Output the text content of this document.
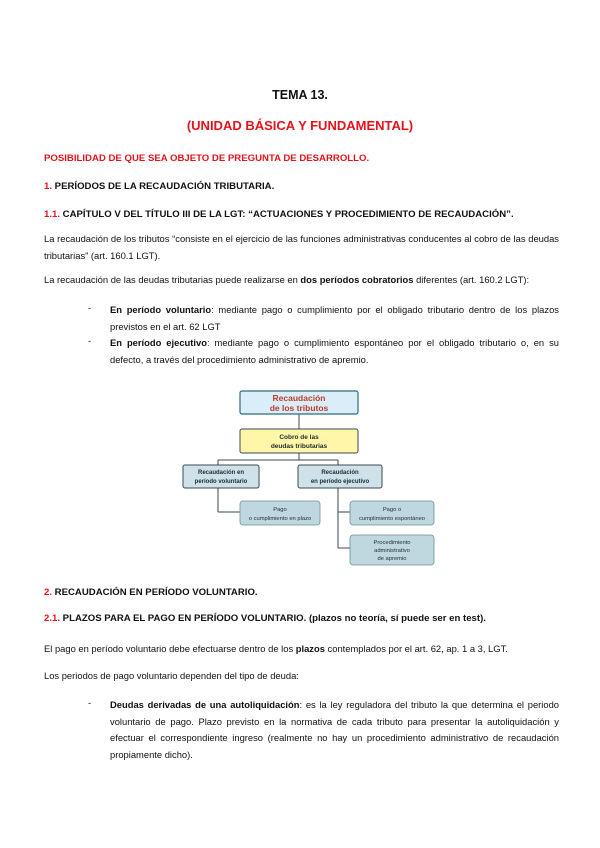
TEMA 13.
(UNIDAD BÁSICA Y FUNDAMENTAL)
POSIBILIDAD DE QUE SEA OBJETO DE PREGUNTA DE DESARROLLO.
1. PERÍODOS DE LA RECAUDACIÓN TRIBUTARIA.
1.1. CAPÍTULO V DEL TÍTULO III DE LA LGT: “ACTUACIONES Y PROCEDIMIENTO DE RECAUDACIÓN”.
La recaudación de los tributos “consiste en el ejercicio de las funciones administrativas conducentes al cobro de las deudas tributarias” (art. 160.1 LGT).
La recaudación de las deudas tributarias puede realizarse en dos períodos cobratorios diferentes (art. 160.2 LGT):
- En período voluntario: mediante pago o cumplimiento por el obligado tributario dentro de los plazos previstos en el art. 62 LGT
- En período ejecutivo: mediante pago o cumplimiento espontáneo por el obligado tributario o, en su defecto, a través del procedimiento administrativo de apremio.
Recaudación
de los tributos
Cobro de las
deudas tributarias
Recaudación en
período voluntario
Recaudación
en período ejecutivo
Pago
o cumplimiento en plazo
Pago o
cumplimiento espontáneo
Procedimiento
administrativo
de apremio
2. RECAUDACIÓN EN PERÍODO VOLUNTARIO.
2.1. PLAZOS PARA EL PAGO EN PERÍODO VOLUNTARIO. (plazos no teoría, sí puede ser en test).
El pago en período voluntario debe efectuarse dentro de los plazos contemplados por el art. 62, ap. 1 a 3, LGT.
Los periodos de pago voluntario dependen del tipo de deuda:
- Deudas derivadas de una autoliquidación: es la ley reguladora del tributo la que determina el periodo voluntario de pago. Plazo previsto en la normativa de cada tributo para presentar la autoliquidación y efectuar el correspondiente ingreso (realmente no hay un procedimiento administrativo de recaudación propiamente dicho).
